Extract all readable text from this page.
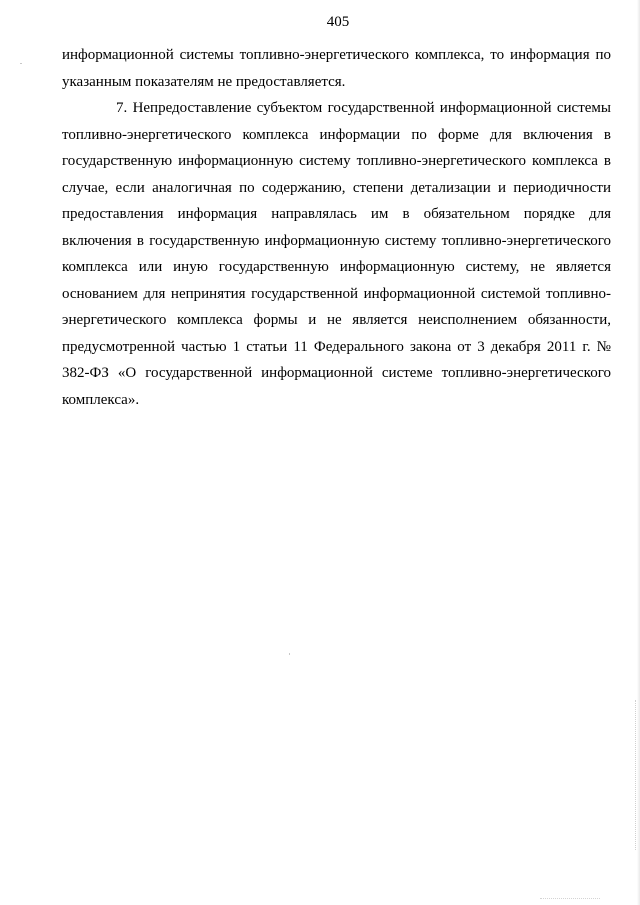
405

информационной системы топливно-энергетического комплекса, то информация по указанным показателям не предоставляется.

7. Непредоставление субъектом государственной информационной системы топливно-энергетического комплекса информации по форме для включения в государственную информационную систему топливно-энергетического комплекса в случае, если аналогичная по содержанию, степени детализации и периодичности предоставления информация направлялась им в обязательном порядке для включения в государственную информационную систему топливно-энергетического комплекса или иную государственную информационную систему, не является основанием для непринятия государственной информационной системой топливно-энергетического комплекса формы и не является неисполнением обязанности, предусмотренной частью 1 статьи 11 Федерального закона от 3 декабря 2011 г. № 382-ФЗ «О государственной информационной системе топливно-энергетического комплекса».
